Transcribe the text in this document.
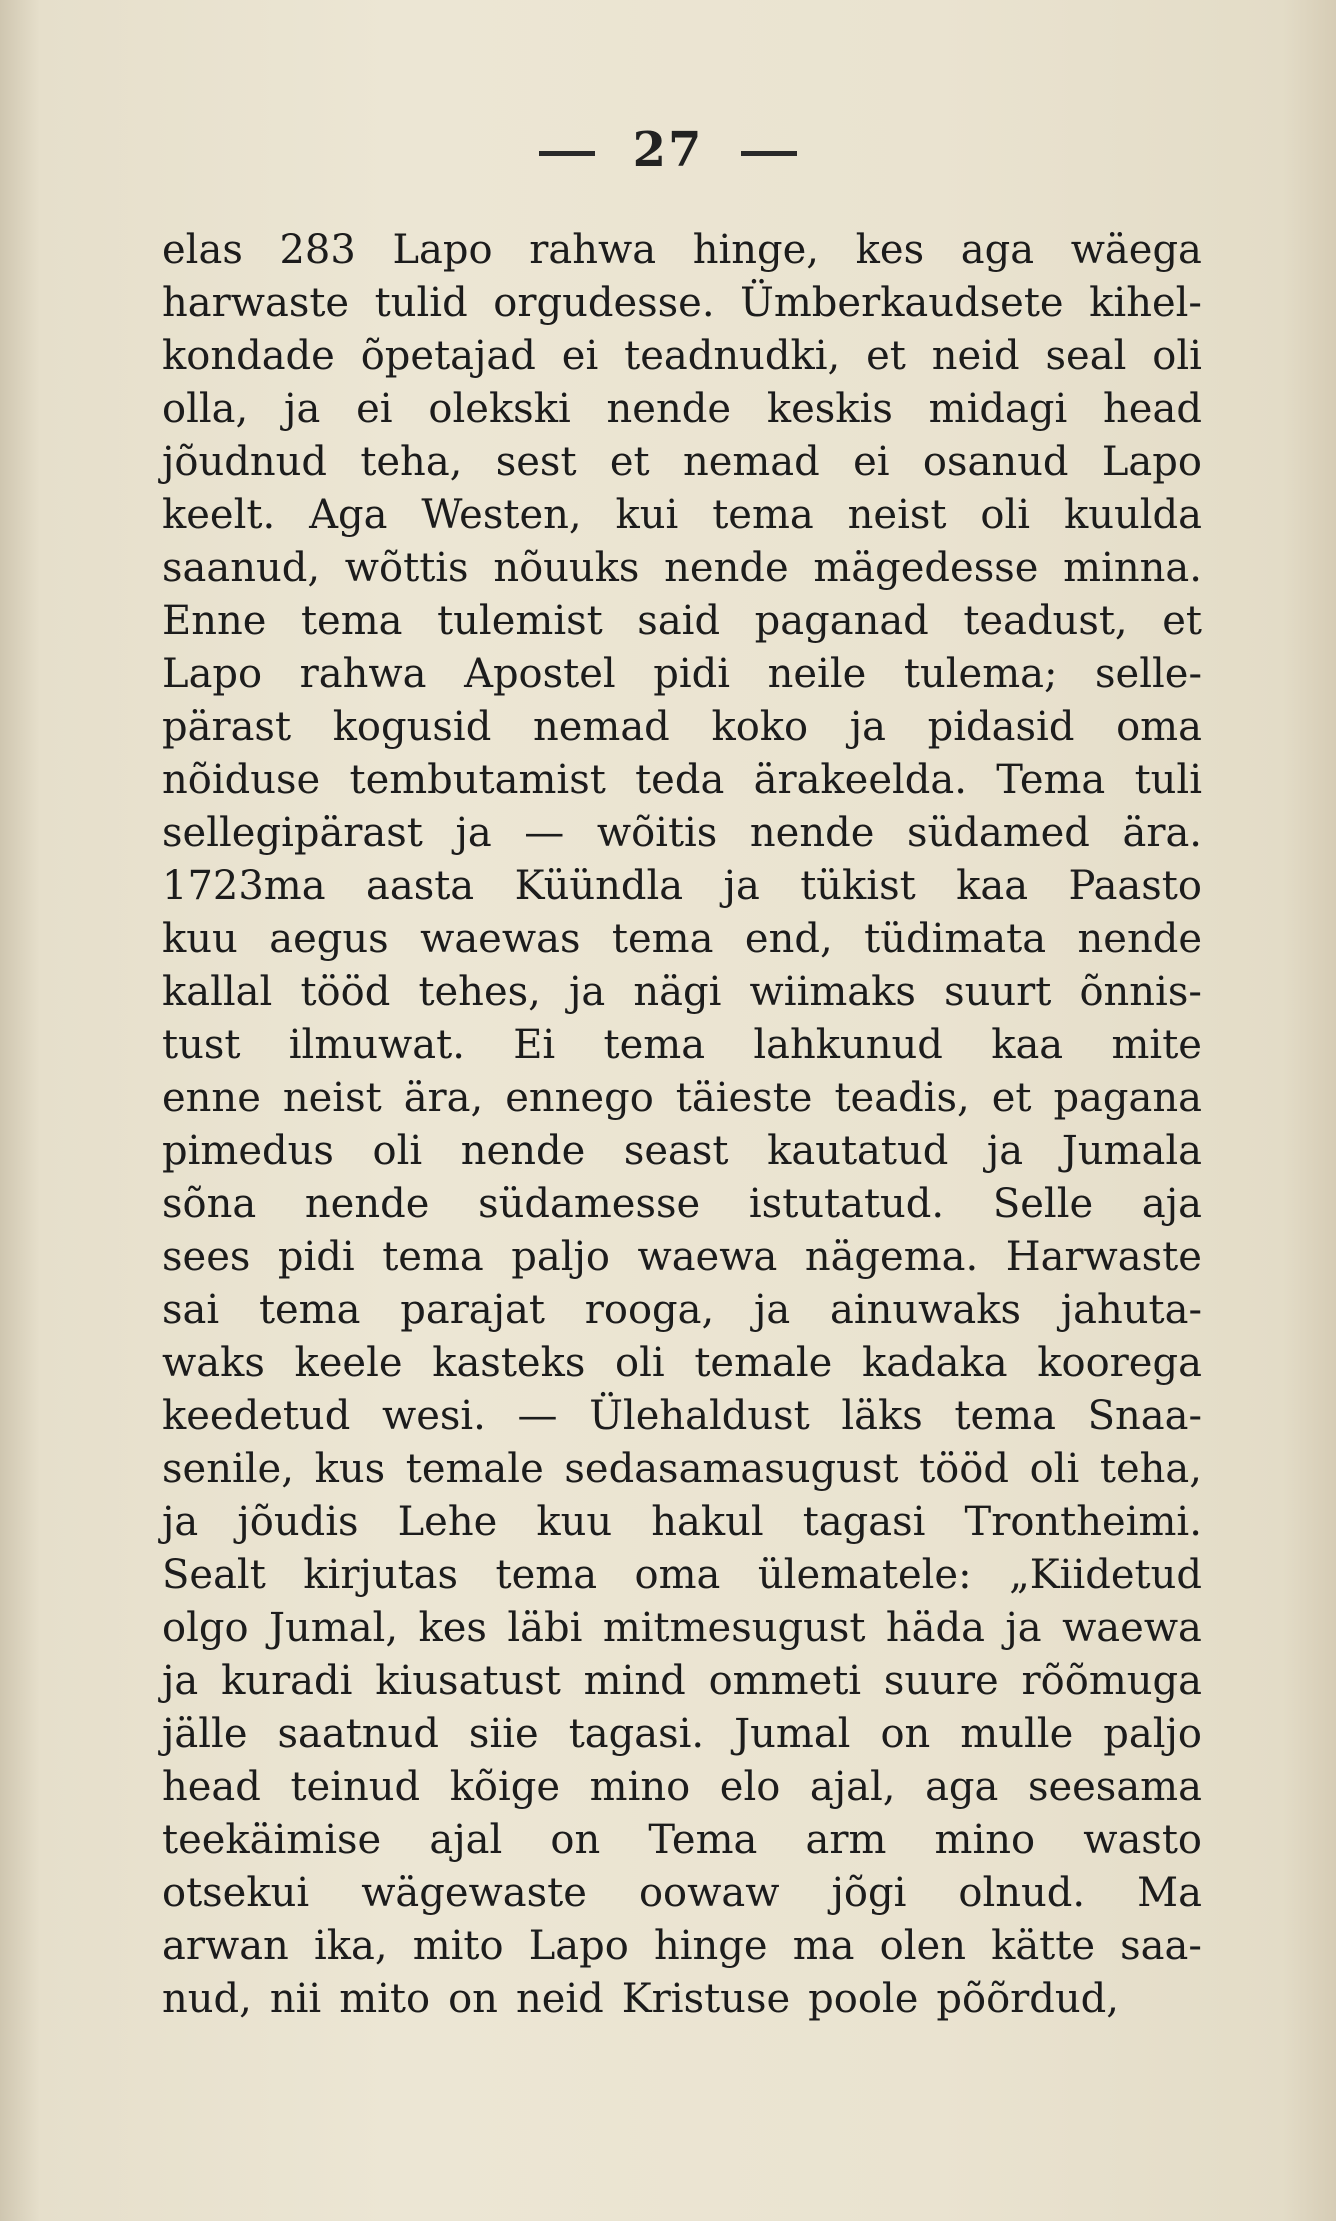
27
elas 283 Lapo rahwa hinge, kes aga wäega
harwaste tulid orgudesse. Ümberkaudsete kihel-
kondade õpetajad ei teadnudki, et neid seal oli
olla, ja ei olekski nende keskis midagi head
jõudnud teha, sest et nemad ei osanud Lapo
keelt. Aga Westen, kui tema neist oli kuulda
saanud, wõttis nõuuks nende mägedesse minna.
Enne tema tulemist said paganad teadust, et
Lapo rahwa Apostel pidi neile tulema; selle-
pärast kogusid nemad koko ja pidasid oma
nõiduse tembutamist teda ärakeelda. Tema tuli
sellegipärast ja — wõitis nende südamed ära.
1723ma aasta Küündla ja tükist kaa Paasto
kuu aegus waewas tema end, tüdimata nende
kallal tööd tehes, ja nägi wiimaks suurt õnnis-
tust ilmuwat. Ei tema lahkunud kaa mite
enne neist ära, ennego täieste teadis, et pagana
pimedus oli nende seast kautatud ja Jumala
sõna nende südamesse istutatud. Selle aja
sees pidi tema paljo waewa nägema. Harwaste
sai tema parajat rooga, ja ainuwaks jahuta-
waks keele kasteks oli temale kadaka koorega
keedetud wesi. — Ülehaldust läks tema Snaa-
senile, kus temale sedasamasugust tööd oli teha,
ja jõudis Lehe kuu hakul tagasi Trontheimi.
Sealt kirjutas tema oma ülematele: „Kiidetud
olgo Jumal, kes läbi mitmesugust häda ja waewa
ja kuradi kiusatust mind ommeti suure rõõmuga
jälle saatnud siie tagasi. Jumal on mulle paljo
head teinud kõige mino elo ajal, aga seesama
teekäimise ajal on Tema arm mino wasto
otsekui wägewaste oowaw jõgi olnud. Ma
arwan ika, mito Lapo hinge ma olen kätte saa-
nud, nii mito on neid Kristuse poole põõrdud,
